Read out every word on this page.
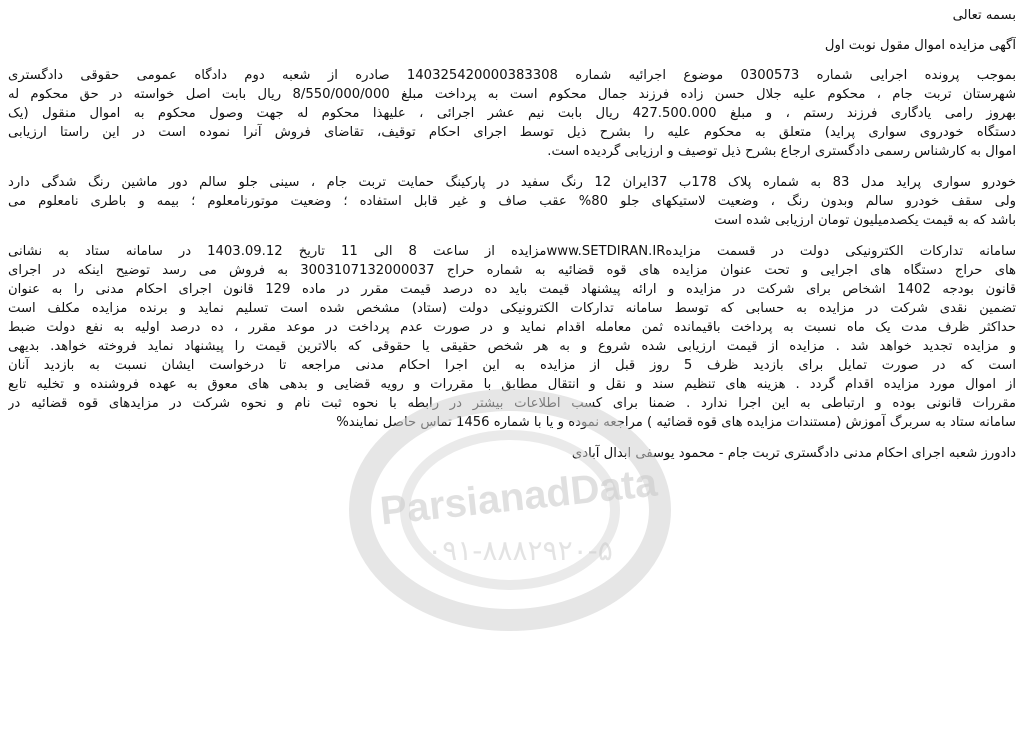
بسمه تعالی

آگهی مزایده اموال مقول نوبت اول

بموجب پرونده اجرایی شماره 0300573 موضوع اجرائیه شماره 140325420000383308 صادره از شعبه دوم دادگاه عمومی حقوقی دادگستری

شهرستان تربت جام ، محکوم علیه جلال حسن زاده فرزند جمال محکوم است به پرداخت مبلغ 8/550/000/000 ریال بابت اصل خواسته در حق محکوم له

بهروز رامی یادگاری فرزند رستم ، و مبلغ 427.500.000 ریال بابت نیم عشر اجرائی ، علیهذا محکوم له جهت وصول محکوم به اموال منقول (یک

دستگاه خودروی سواری پراید) متعلق به محکوم علیه را بشرح ذیل توسط اجرای احکام توقیف، تقاضای فروش آنرا نموده است در این راستا ارزیابی

اموال به کارشناس رسمی دادگستری ارجاع بشرح ذیل توصیف و ارزیابی گردیده است.

خودرو سواری پراید مدل 83 به شماره پلاک 178ب 37ایران 12 رنگ سفید در پارکینگ حمایت تربت جام ، سینی جلو سالم دور ماشین رنگ شدگی دارد

ولی سقف خودرو سالم وبدون رنگ ، وضعیت لاستیکهای جلو 80% عقب صاف و غیر قابل استفاده ؛ وضعیت موتورنامعلوم ؛ بیمه و باطری نامعلوم می

باشد که به قیمت یکصدمیلیون تومان ارزیابی شده است

سامانه تدارکات الکترونیکی دولت در قسمت مزایدهwww.SETDIRAN.IRمزایده از ساعت 8 الی 11 تاریخ 1403.09.12 در سامانه ستاد به نشانی

های حراج دستگاه های اجرایی و تحت عنوان مزایده های قوه قضائیه به شماره حراج 3003107132000037 به فروش می رسد توضیح اینکه در اجرای

قانون بودجه 1402 اشخاص برای شرکت در مزایده و ارائه پیشنهاد قیمت باید ده درصد قیمت مقرر در ماده 129 قانون اجرای احکام مدنی را به عنوان

تضمین نقدی شرکت در مزایده به حسابی که توسط سامانه تدارکات الکترونیکی دولت (ستاد) مشخص شده است تسلیم نماید و برنده مزایده مکلف است

حداکثر ظرف مدت یک ماه نسبت به پرداخت باقیمانده ثمن معامله اقدام نماید و در صورت عدم پرداخت در موعد مقرر ، ده درصد اولیه به نفع دولت ضبط

و مزایده تجدید خواهد شد . مزایده از قیمت ارزیابی شده شروع و به هر شخص حقیقی یا حقوقی که بالاترین قیمت را پیشنهاد نماید فروخته خواهد. بدیهی

است که در صورت تمایل برای بازدید ظرف 5 روز قبل از مزایده به این اجرا احکام مدنی مراجعه تا درخواست ایشان نسبت به بازدید آنان

از اموال مورد مزایده اقدام گردد . هزینه های تنظیم سند و نقل و انتقال مطابق با مقررات و رویه قضایی و بدهی های معوق به عهده فروشنده و تخلیه تابع

مقررات قانونی بوده و ارتباطی به این اجرا ندارد . ضمنا برای کسب اطلاعات بیشتر در رابطه با نحوه ثبت نام و نحوه شرکت در مزایدهای قوه قضائیه در

سامانه ستاد به سربرگ آموزش (مستندات مزایده های قوه قضائیه ) مراجعه نموده و یا با شماره 1456 تماس حاصل نمایند%

دادورز شعبه اجرای احکام مدنی دادگستری تربت جام - محمود یوسفی ابدال آبادی

ParsianadData
۰۹۱-۸۸۸۲۹۲۰-۵
